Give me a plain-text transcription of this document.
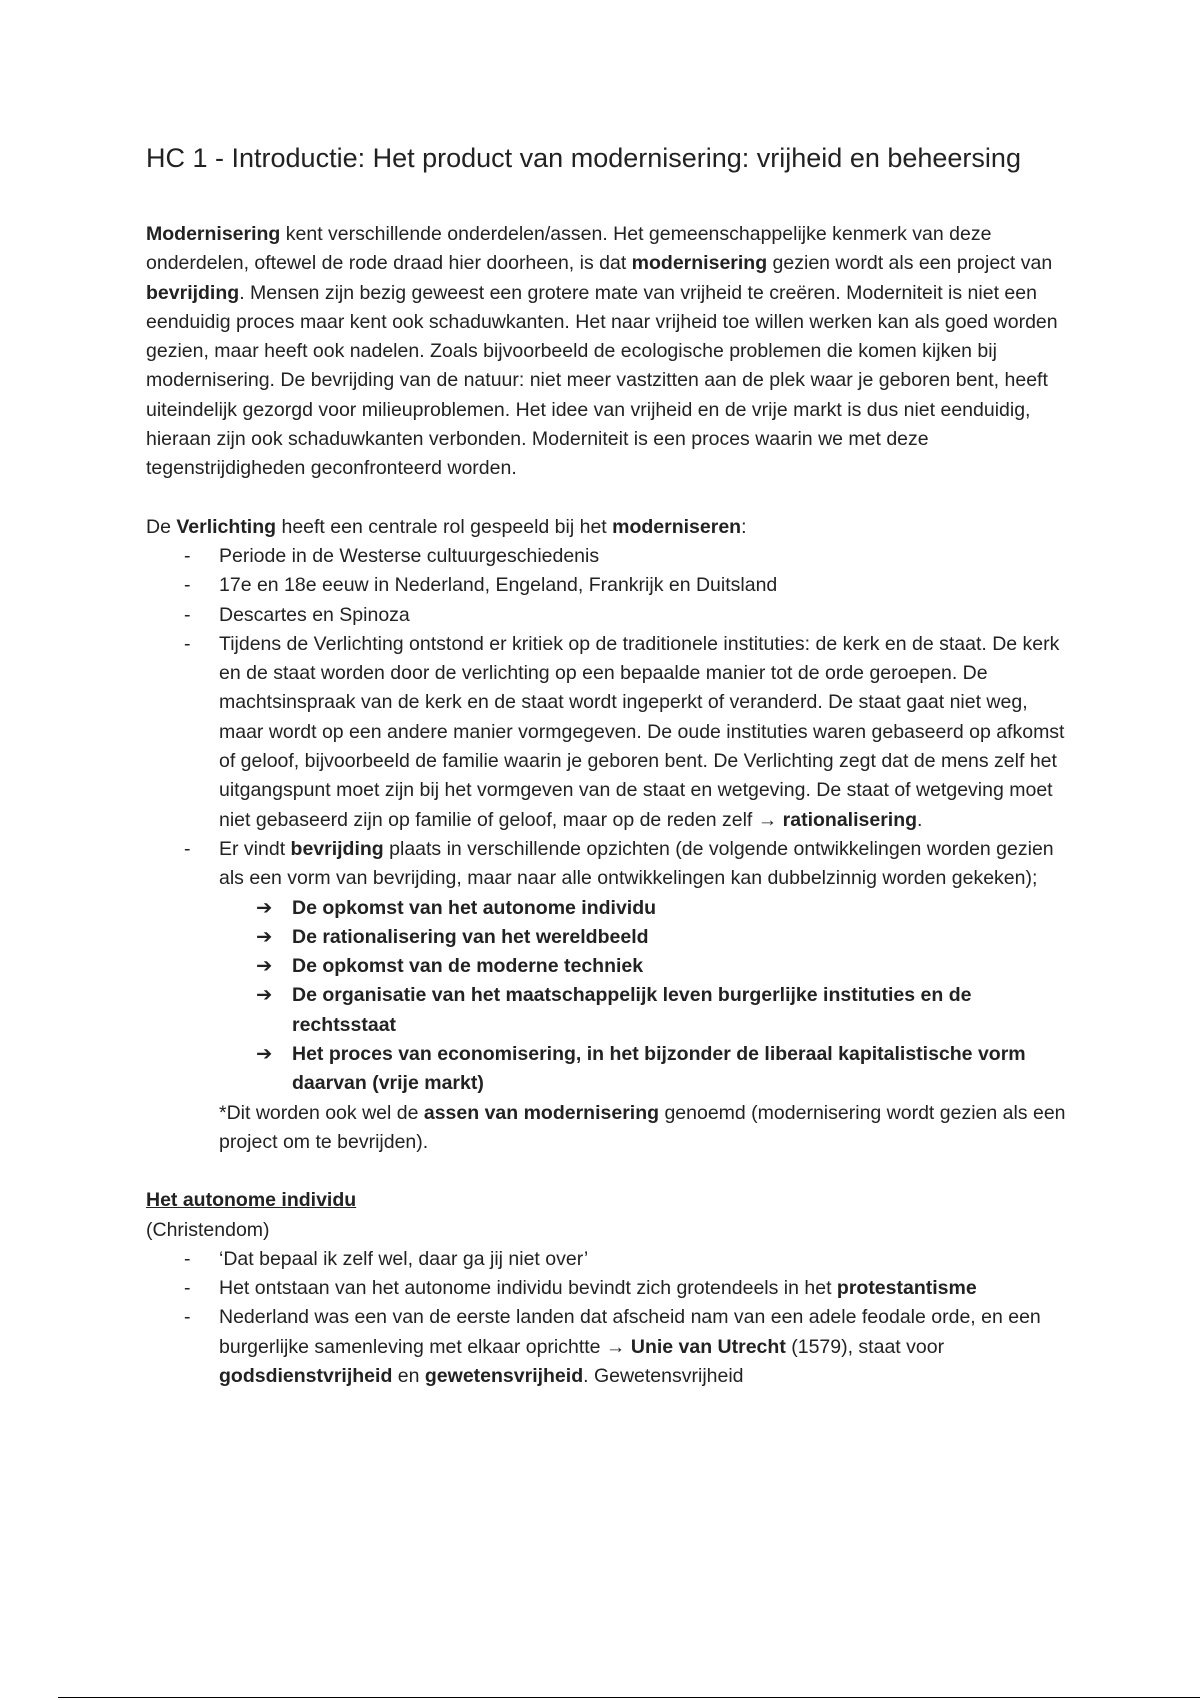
HC 1 - Introductie: Het product van modernisering: vrijheid en beheersing

Modernisering kent verschillende onderdelen/assen. Het gemeenschappelijke kenmerk van deze onderdelen, oftewel de rode draad hier doorheen, is dat modernisering gezien wordt als een project van bevrijding. Mensen zijn bezig geweest een grotere mate van vrijheid te creëren. Moderniteit is niet een eenduidig proces maar kent ook schaduwkanten. Het naar vrijheid toe willen werken kan als goed worden gezien, maar heeft ook nadelen. Zoals bijvoorbeeld de ecologische problemen die komen kijken bij modernisering. De bevrijding van de natuur: niet meer vastzitten aan de plek waar je geboren bent, heeft uiteindelijk gezorgd voor milieuproblemen. Het idee van vrijheid en de vrije markt is dus niet eenduidig, hieraan zijn ook schaduwkanten verbonden. Moderniteit is een proces waarin we met deze tegenstrijdigheden geconfronteerd worden.

De Verlichting heeft een centrale rol gespeeld bij het moderniseren:

- Periode in de Westerse cultuurgeschiedenis
- 17e en 18e eeuw in Nederland, Engeland, Frankrijk en Duitsland
- Descartes en Spinoza
- Tijdens de Verlichting ontstond er kritiek op de traditionele instituties: de kerk en de staat. De kerk en de staat worden door de verlichting op een bepaalde manier tot de orde geroepen. De machtsinspraak van de kerk en de staat wordt ingeperkt of veranderd. De staat gaat niet weg, maar wordt op een andere manier vormgegeven. De oude instituties waren gebaseerd op afkomst of geloof, bijvoorbeeld de familie waarin je geboren bent. De Verlichting zegt dat de mens zelf het uitgangspunt moet zijn bij het vormgeven van de staat en wetgeving. De staat of wetgeving moet niet gebaseerd zijn op familie of geloof, maar op de reden zelf → rationalisering.
- Er vindt bevrijding plaats in verschillende opzichten (de volgende ontwikkelingen worden gezien als een vorm van bevrijding, maar naar alle ontwikkelingen kan dubbelzinnig worden gekeken);
➔ De opkomst van het autonome individu
➔ De rationalisering van het wereldbeeld
➔ De opkomst van de moderne techniek
➔ De organisatie van het maatschappelijk leven burgerlijke instituties en de rechtsstaat
➔ Het proces van economisering, in het bijzonder de liberaal kapitalistische vorm daarvan (vrije markt)

*Dit worden ook wel de assen van modernisering genoemd (modernisering wordt gezien als een project om te bevrijden).

Het autonome individu

(Christendom)

- ‘Dat bepaal ik zelf wel, daar ga jij niet over’
- Het ontstaan van het autonome individu bevindt zich grotendeels in het protestantisme
- Nederland was een van de eerste landen dat afscheid nam van een adele feodale orde, en een burgerlijke samenleving met elkaar oprichtte → Unie van Utrecht (1579), staat voor godsdienstvrijheid en gewetensvrijheid. Gewetensvrijheid
